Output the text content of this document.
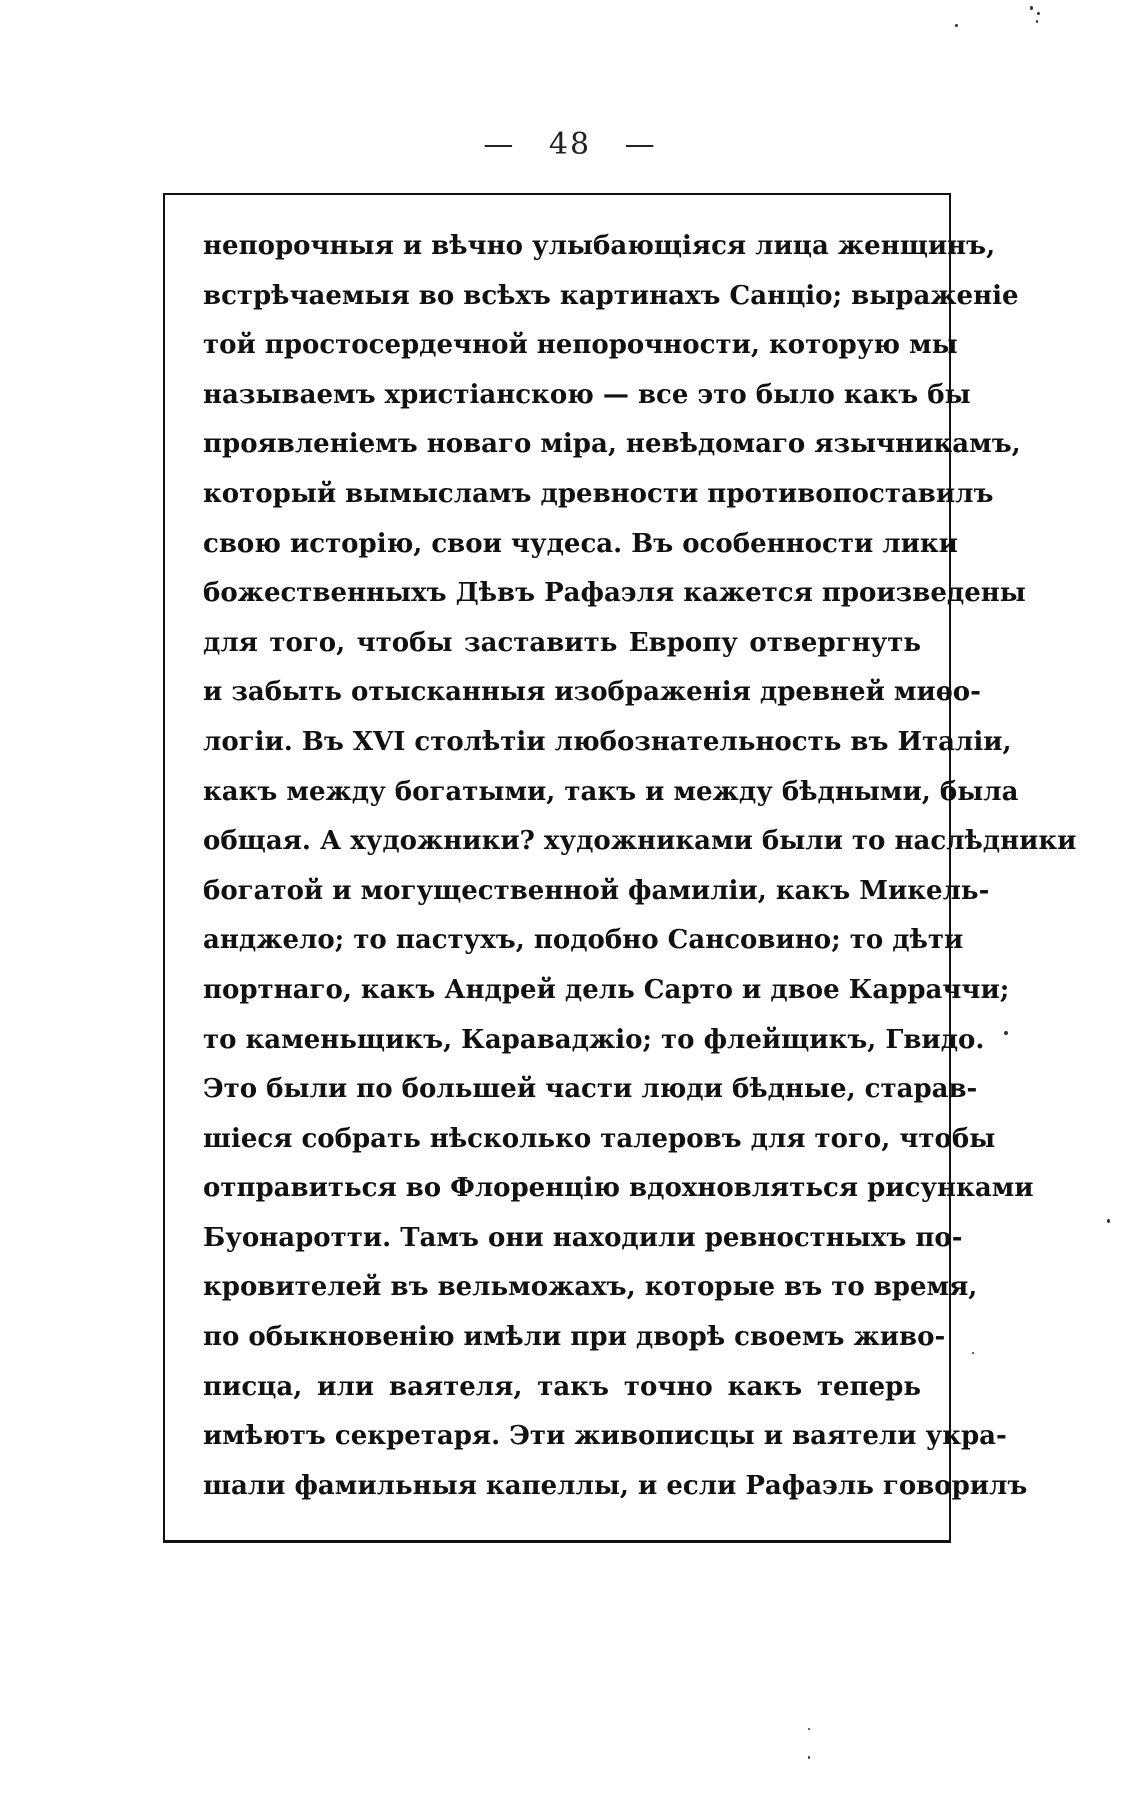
— 48 —
непорочныя и вѣчно улыбающіяся лица женщинъ,
встрѣчаемыя во всѣхъ картинахъ Санціо; выраженіе
той простосердечной непорочности, которую мы
называемъ христіанскою — все это было какъ бы
проявленіемъ новаго міра, невѣдомаго язычникамъ,
который вымысламъ древности противопоставилъ
свою исторію, свои чудеса. Въ особенности лики
божественныхъ Дѣвъ Рафаэля кажется произведены
для того, чтобы заставить Европу отвергнуть
и забыть отысканныя изображенія древней миѳо-
логіи. Въ XVI столѣтіи любознательность въ Италіи,
какъ между богатыми, такъ и между бѣдными, была
общая. А художники? художниками были то наслѣдники
богатой и могущественной фамиліи, какъ Микель-
анджело; то пастухъ, подобно Сансовино; то дѣти
портнаго, какъ Андрей дель Сарто и двое Карраччи;
то каменьщикъ, Караваджіо; то флейщикъ, Гвидо.
Это были по большей части люди бѣдные, старав-
шіеся собрать нѣсколько талеровъ для того, чтобы
отправиться во Флоренцію вдохновляться рисунками
Буонаротти. Тамъ они находили ревностныхъ по-
кровителей въ вельможахъ, которые въ то время,
по обыкновенію имѣли при дворѣ своемъ живо-
писца, или ваятеля, такъ точно какъ теперь
имѣютъ секретаря. Эти живописцы и ваятели укра-
шали фамильныя капеллы, и если Рафаэль говорилъ
